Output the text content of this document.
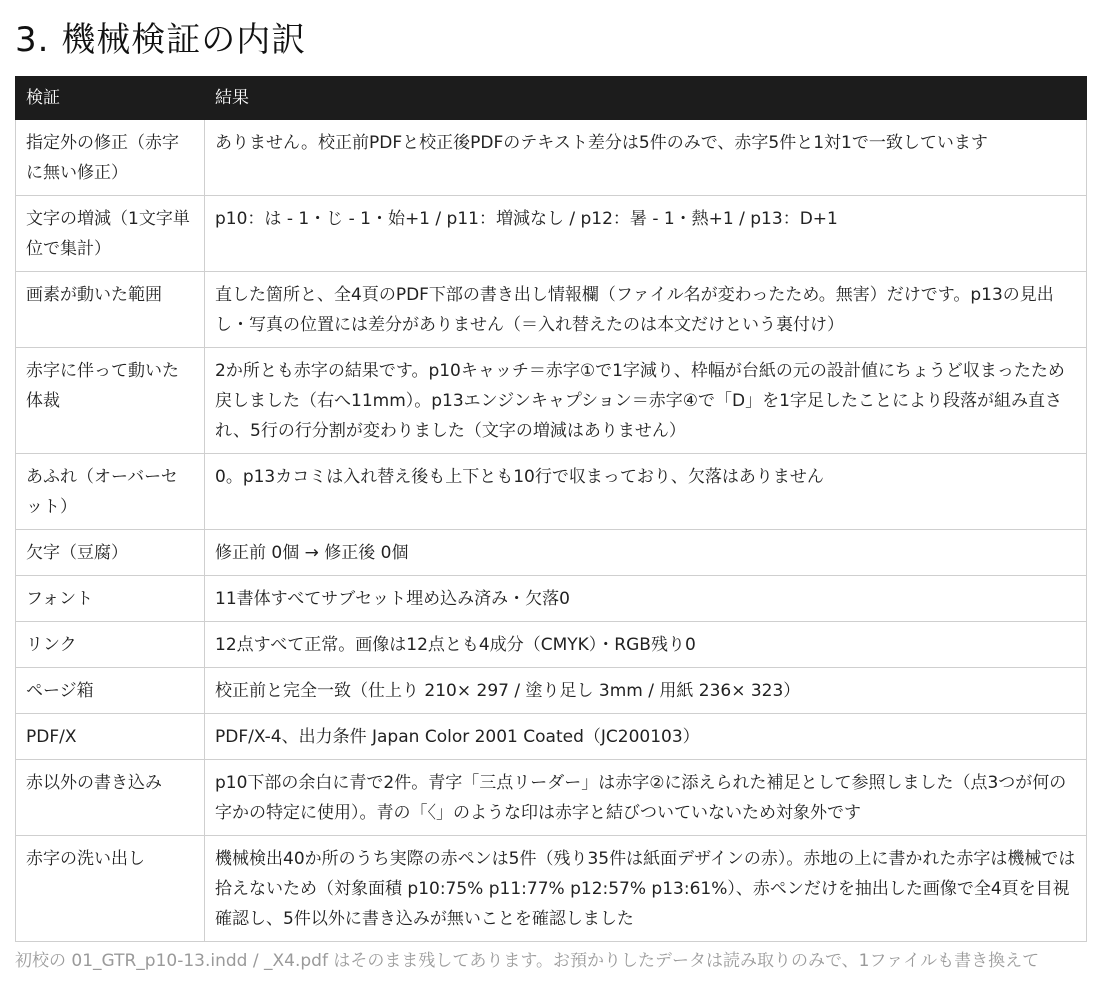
3. 機械検証の内訳
検証	結果
指定外の修正（赤字に無い修正）	ありません。校正前PDFと校正後PDFのテキスト差分は5件のみで、赤字5件と1対1で一致しています
文字の増減（1文字単位で集計）	p10：は - 1・じ - 1・始+1 / p11：増減なし / p12：暑 - 1・熱+1 / p13：D+1
画素が動いた範囲	直した箇所と、全4頁のPDF下部の書き出し情報欄（ファイル名が変わったため。無害）だけです。p13の見出し・写真の位置には差分がありません（＝入れ替えたのは本文だけという裏付け）
赤字に伴って動いた体裁	2か所とも赤字の結果です。p10キャッチ＝赤字①で1字減り、枠幅が台紙の元の設計値にちょうど収まったため戻しました（右へ11mm）。p13エンジンキャプション＝赤字④で「D」を1字足したことにより段落が組み直され、5行の行分割が変わりました（文字の増減はありません）
あふれ（オーバーセット）	0。p13カコミは入れ替え後も上下とも10行で収まっており、欠落はありません
欠字（豆腐）	修正前 0個 → 修正後 0個
フォント	11書体すべてサブセット埋め込み済み・欠落0
リンク	12点すべて正常。画像は12点とも4成分（CMYK）・RGB残り0
ページ箱	校正前と完全一致（仕上り 210× 297 / 塗り足し 3mm / 用紙 236× 323）
PDF/X	PDF/X-4、出力条件 Japan Color 2001 Coated（JC200103）
赤以外の書き込み	p10下部の余白に青で2件。青字「三点リーダー」は赤字②に添えられた補足として参照しました（点3つが何の字かの特定に使用）。青の「〈」のような印は赤字と結びついていないため対象外です
赤字の洗い出し	機械検出40か所のうち実際の赤ペンは5件（残り35件は紙面デザインの赤）。赤地の上に書かれた赤字は機械では拾えないため（対象面積 p10:75% p11:77% p12:57% p13:61%）、赤ペンだけを抽出した画像で全4頁を目視確認し、5件以外に書き込みが無いことを確認しました
初校の 01_GTR_p10-13.indd / _X4.pdf はそのまま残してあります。お預かりしたデータは読み取りのみで、1ファイルも書き換えて
